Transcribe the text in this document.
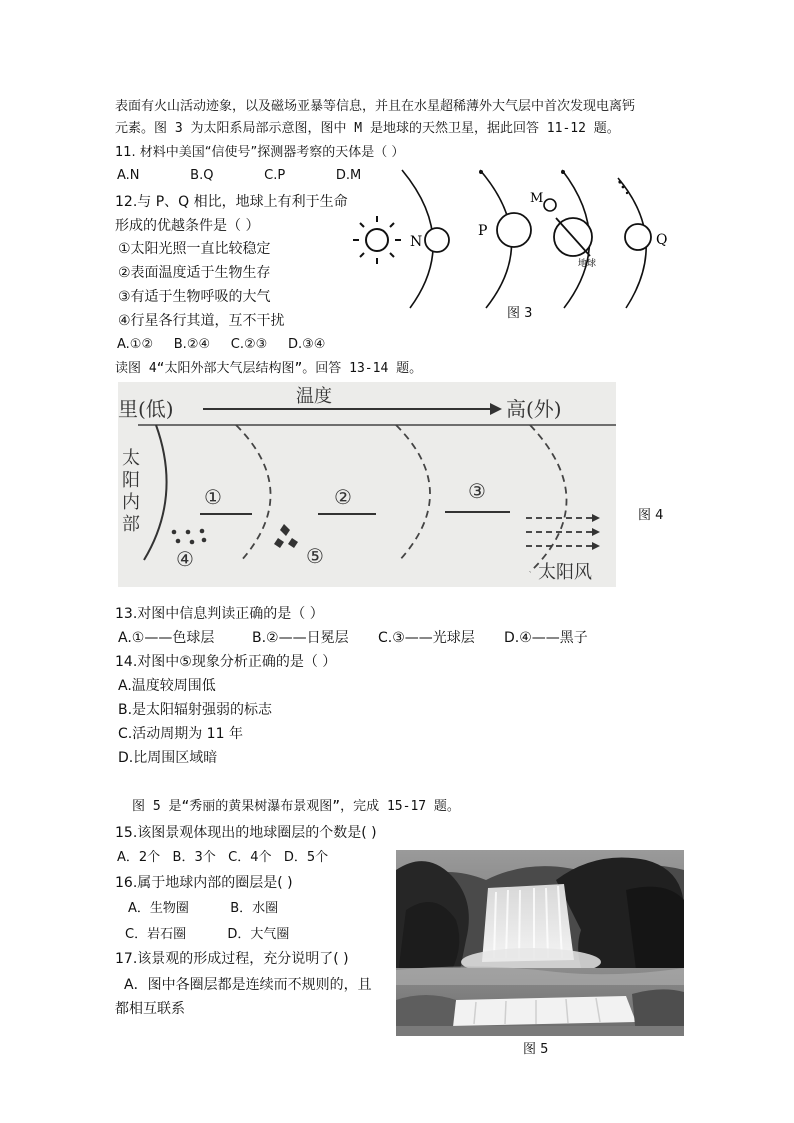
表面有火山活动迹象，以及磁场亚暴等信息，并且在水星超稀薄外大气层中首次发现电离钙
元素。图 3 为太阳系局部示意图，图中 M 是地球的天然卫星，据此回答 11-12 题。
11. 材料中美国“信使号”探测器考察的天体是（ ）
A.N     B.Q     C.P     D.M
12.与 P、Q 相比，地球上有利于生命
形成的优越条件是（ ）
①太阳光照一直比较稳定
②表面温度适于生物生存
③有适于生物呼吸的大气
④行星各行其道，互不干扰
A.①②     B.②④     C.②③     D.③④
N
P
M
地球
Q
图 3
读图 4“太阳外部大气层结构图”。回答 13-14 题。
里(低)
温度
高(外)
太
阳
内
部
①	②	③
④	⑤
太阳风
图 4
13.对图中信息判读正确的是（ ）
A.①——色球层	B.②——日冕层 C.③——光球层 D.④——黑子
14.对图中⑤现象分析正确的是（ ）
A.温度较周围低
B.是太阳辐射强弱的标志
C.活动周期为 11 年
D.比周围区域暗
图 5 是“秀丽的黄果树瀑布景观图”，完成 15-17 题。
15.该图景观体现出的地球圈层的个数是( )
A．2个   B．3个   C．4个   D．5个
16.属于地球内部的圈层是( )
A．生物圈          B．水圈
C．岩石圈          D．大气圈
17.该景观的形成过程，充分说明了( )
A．图中各圈层都是连续而不规则的，且
都相互联系
图 5
